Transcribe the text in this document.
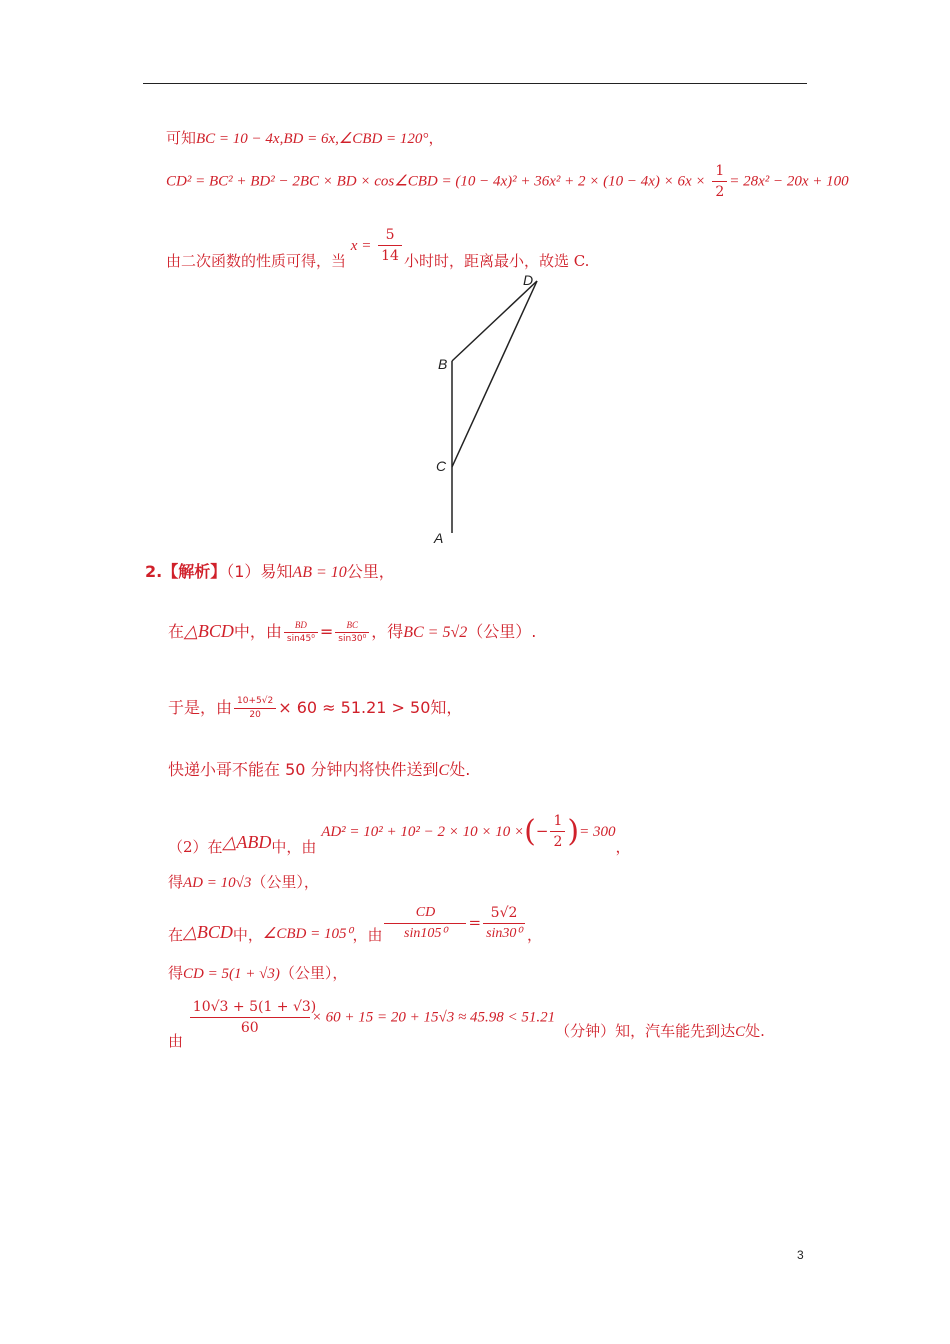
可知BC = 10 − 4x,BD = 6x,∠CBD = 120°，
CD² = BC² + BD² − 2BC × BD × cos∠CBD = $(10 - 4x)^2 + 36x^2 + 2 \times (10 - 4x) \times 6x \times \frac{1}{2} = 28x^2 - 20x + 100$
由二次函数的性质可得，当 $x = \frac{5}{14}$ 小时时，距离最小，故选 C.
D
B
C
A
2.【解析】（1）易知AB = 10公里，
在△BCD中，由 $\frac{BD}{\text{sin45⁰}} = \frac{BC}{\text{sin30⁰}}$ ，得BC = 5√2（公里）.
于是，由 $\frac{10+5√2}{20} \times 60 \approx 51.21 > 50$知，
快递小哥不能在 50 分钟内将快件送到C处.
（2）在△ABD中，由 AD² = 10² + 10² − 2 × 10 × 10 ×(− $\frac{1}{2}$ )= 300，
得AD = 10√3（公里），
在△BCD中，∠CBD = 105⁰，由 $\frac{CD}{\text{sin105⁰}} = \frac{5√2}{\text{sin30⁰}}$ ，
得CD = 5(1 + √3)（公里），
由
$\frac{10√3 + 5(1 + √3)}{60} \times 60 + 15 = 20 + 15√3 \approx 45.98 < 51.21$（分钟）知，汽车能先到达C处.
3
